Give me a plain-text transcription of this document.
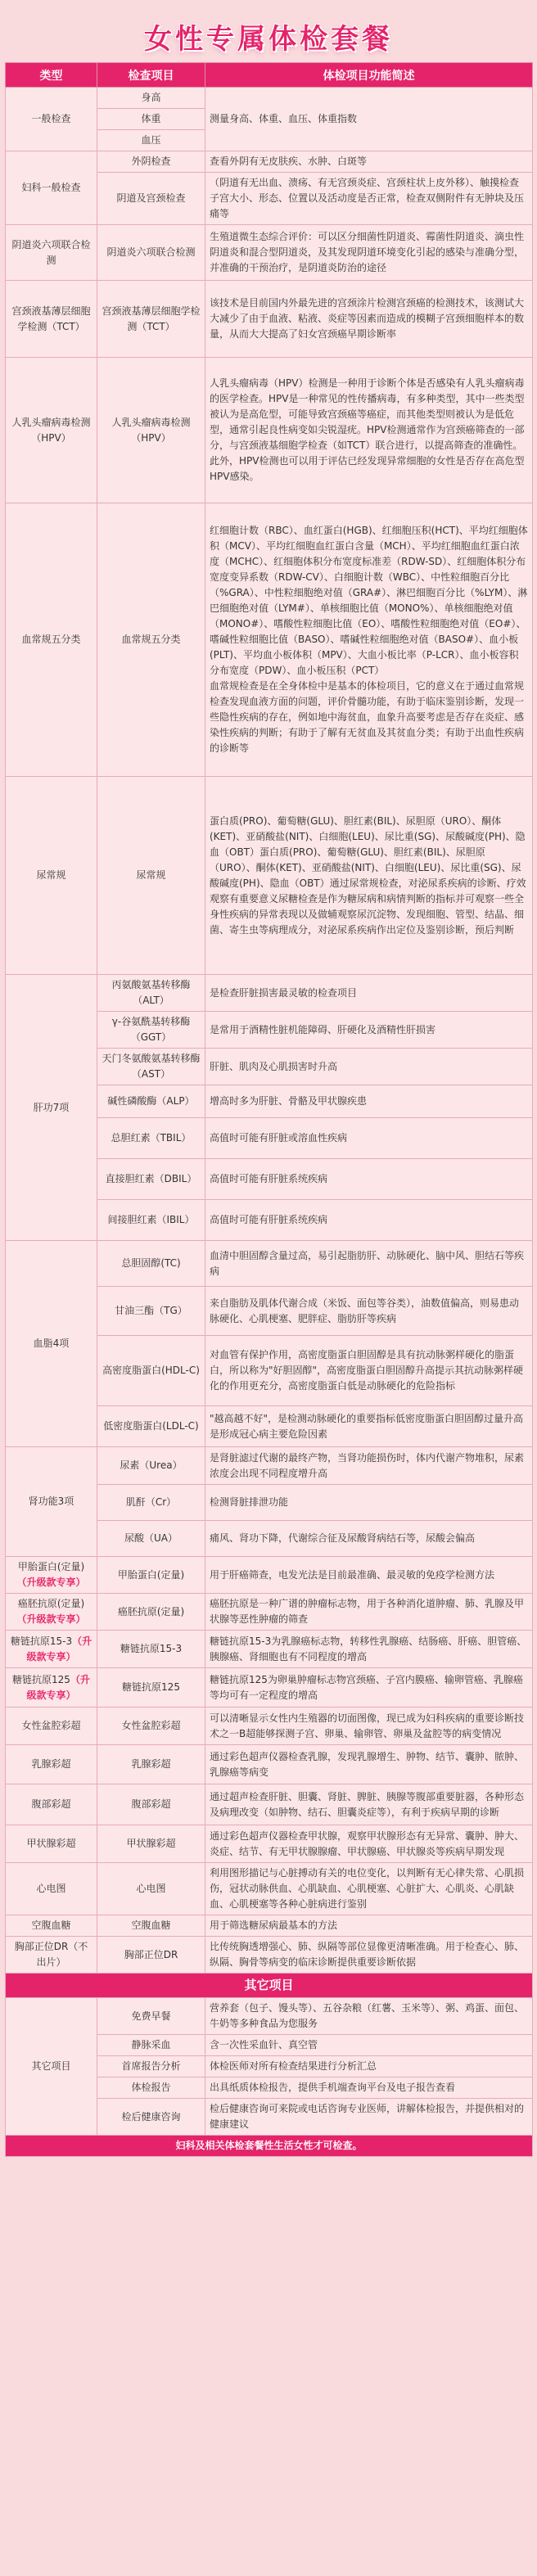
女性专属体检套餐
类型	检查项目	体检项目功能简述
一般检查	身高	测量身高、体重、血压、体重指数

	体重	
	血压	
妇科一般检查	外阴检查	查看外阴有无皮肤疾、水肿、白斑等

	阴道及宫颈检查	（阴道有无出血、溃疡、有无宫颈炎症、宫颈柱状上皮外移）、触摸检查子宫大小、形态、位置以及活动度是否正常，检查双侧附件有无肿块及压痛等

阴道炎六项联合检测	阴道炎六项联合检测	生殖道微生态综合评价：可以区分细菌性阴道炎、霉菌性阴道炎、滴虫性阴道炎和混合型阴道炎，及其发现阴道环境变化引起的感染与准确分型，并准确的干预治疗，是阴道炎防治的途径

宫颈液基薄层细胞学检测（TCT）	宫颈液基薄层细胞学检测（TCT）	该技术是目前国内外最先进的宫颈涂片检测宫颈癌的检测技术，该测试大大减少了由于血液、粘液、炎症等因素而造成的模糊子宫颈细胞样本的数量，从而大大提高了妇女宫颈癌早期诊断率

人乳头瘤病毒检测（HPV）	人乳头瘤病毒检测（HPV）	人乳头瘤病毒（HPV）检测是一种用于诊断个体是否感染有人乳头瘤病毒的医学检查。HPV是一种常见的性传播病毒，有多种类型，其中一些类型被认为是高危型，可能导致宫颈癌等癌症，而其他类型则被认为是低危型，通常引起良性病变如尖锐湿疣。HPV检测通常作为宫颈癌筛查的一部分，与宫颈液基细胞学检查（如TCT）联合进行，以提高筛查的准确性。此外，HPV检测也可以用于评估已经发现异常细胞的女性是否存在高危型HPV感染。

血常规五分类	血常规五分类	红细胞计数（RBC）、血红蛋白(HGB)、红细胞压积(HCT)、平均红细胞体积（MCV）、平均红细胞血红蛋白含量（MCH）、平均红细胞血红蛋白浓度（MCHC）、红细胞体积分布宽度标准差（RDW-SD）、红细胞体积分布宽度变异系数（RDW-CV）、白细胞计数（WBC）、中性粒细胞百分比（%GRA）、中性粒细胞绝对值（GRA#）、淋巴细胞百分比（%LYM）、淋巴细胞绝对值（LYM#）、单核细胞比值（MONO%）、单核细胞绝对值（MONO#）、嗜酸性粒细胞比值（EO）、嗜酸性粒细胞绝对值（EO#）、嗜碱性粒细胞比值（BASO）、嗜碱性粒细胞绝对值（BASO#）、血小板(PLT)、平均血小板体积（MPV）、大血小板比率（P-LCR）、血小板容积分布宽度（PDW）、血小板压积（PCT）
血常规检查是在全身体检中是基本的体检项目，它的意义在于通过血常规检查发现血液方面的问题，评价骨髓功能，有助于临床鉴别诊断，发现一些隐性疾病的存在，例如地中海贫血，血象升高要考虑是否存在炎症、感染性疾病的判断；有助于了解有无贫血及其贫血分类；有助于出血性疾病的诊断等

尿常规	尿常规	蛋白质(PRO)、葡萄糖(GLU)、胆红素(BIL)、尿胆原（URO）、酮体(KET)、亚硝酸盐(NIT)、白细胞(LEU)、尿比重(SG)、尿酸碱度(PH)、隐血（OBT）蛋白质(PRO)、葡萄糖(GLU)、胆红素(BIL)、尿胆原（URO）、酮体(KET)、亚硝酸盐(NIT)、白细胞(LEU)、尿比重(SG)、尿酸碱度(PH)、隐血（OBT）通过尿常规检查，对泌尿系疾病的诊断、疗效观察有重要意义尿糖检查是作为糖尿病和病情判断的指标并可观察一些全身性疾病的异常表现以及做辅观察尿沉淀物、发现细胞、管型、结晶、细菌、寄生虫等病理成分，对泌尿系疾病作出定位及鉴别诊断，预后判断

肝功7项	丙氨酸氨基转移酶（ALT）	是检查肝脏损害最灵敏的检查项目

	γ-谷氨酰基转移酶（GGT）	是常用于酒精性脏机能障碍、肝硬化及酒精性肝损害

	天门冬氨酸氨基转移酶（AST）	肝脏、肌肉及心肌损害时升高

	碱性磷酸酶（ALP）	增高时多为肝脏、骨骼及甲状腺疾患

	总胆红素（TBIL）	高值时可能有肝脏或溶血性疾病

	直接胆红素（DBIL）	高值时可能有肝脏系统疾病

	间接胆红素（IBIL）	高值时可能有肝脏系统疾病

血脂4项	总胆固醇(TC)	血清中胆固醇含量过高，易引起脂肪肝、动脉硬化、脑中风、胆结石等疾病

	甘油三酯（TG）	来自脂肪及肌体代谢合成（米饭、面包等谷类），油数值偏高，则易患动脉硬化、心肌梗塞、肥胖症、脂肪肝等疾病

	高密度脂蛋白(HDL-C)	对血管有保护作用，高密度脂蛋白胆固醇是具有抗动脉粥样硬化的脂蛋白，所以称为"好胆固醇"，高密度脂蛋白胆固醇升高提示其抗动脉粥样硬化的作用更充分，高密度脂蛋白低是动脉硬化的危险指标

	低密度脂蛋白(LDL-C)	"越高越不好"，是检测动脉硬化的重要指标低密度脂蛋白胆固醇过量升高是形成冠心病主要危险因素

肾功能3项	尿素（Urea）	是肾脏滤过代谢的最终产物，当肾功能损伤时，体内代谢产物堆积，尿素浓度会出现不同程度增升高

	肌酐（Cr）	检测肾脏排泄功能

	尿酸（UA）	痛风、肾功下降，代谢综合征及尿酸肾病结石等，尿酸会偏高

甲胎蛋白(定量)（升级款专享）	甲胎蛋白(定量)	用于肝癌筛查，电发光法是目前最准确、最灵敏的免疫学检测方法

癌胚抗原(定量)（升级款专享）	癌胚抗原(定量)	癌胚抗原是一种广谱的肿瘤标志物，用于各种消化道肿瘤、肺、乳腺及甲状腺等恶性肿瘤的筛查

糖链抗原15-3（升级款专享）	糖链抗原15-3	糖链抗原15-3为乳腺癌标志物，转移性乳腺癌、结肠癌、肝癌、胆管癌、胰腺癌、肾细胞也有不同程度的增高

糖链抗原125（升级款专享）	糖链抗原125	糖链抗原125为卵巢肿瘤标志物宫颈癌、子宫内膜癌、输卵管癌、乳腺癌等均可有一定程度的增高

女性盆腔彩超	女性盆腔彩超	可以清晰显示女性内生殖器的切面图像，现已成为妇科疾病的重要诊断技术之一B超能够探测子宫、卵巢、输卵管、卵巢及盆腔等的病变情况

乳腺彩超	乳腺彩超	通过彩色超声仪器检查乳腺，发现乳腺增生、肿物、结节、囊肿、脓肿、乳腺癌等病变

腹部彩超	腹部彩超	通过超声检查肝脏、胆囊、肾脏、脾脏、胰腺等腹部重要脏器，各种形态及病理改变（如肿物、结石、胆囊炎症等），有利于疾病早期的诊断

甲状腺彩超	甲状腺彩超	通过彩色超声仪器检查甲状腺，观察甲状腺形态有无异常、囊肿、肿大、炎症、结节、有无甲状腺腺瘤、甲状腺癌、甲状腺炎等疾病早期发现

心电图	心电图	利用图形描记与心脏搏动有关的电位变化，以判断有无心律失常、心肌损伤，冠状动脉供血、心肌缺血、心肌梗塞、心脏扩大、心肌炎、心肌缺血、心肌梗塞等各种心脏病进行鉴别

空腹血糖	空腹血糖	用于筛选糖尿病最基本的方法

胸部正位DR（不出片）	胸部正位DR	比传统胸透增强心、肺、纵隔等部位显像更清晰准确。用于检查心、肺、纵隔、胸骨等病变的临床诊断提供重要诊断依据

其它项目		
其它项目	免费早餐	营养套（包子、馒头等）、五谷杂粮（红薯、玉米等）、粥、鸡蛋、面包、牛奶等多种食品为您服务
	静脉采血	含一次性采血针、真空管
	首席报告分析	体检医师对所有检查结果进行分析汇总
	体检报告	出具纸质体检报告，提供手机端查询平台及电子报告查看
	检后健康咨询	检后健康咨询可来院或电话咨询专业医师，讲解体检报告，并提供相对的健康建议
妇科及相关体检套餐性生活女性才可检查。		
